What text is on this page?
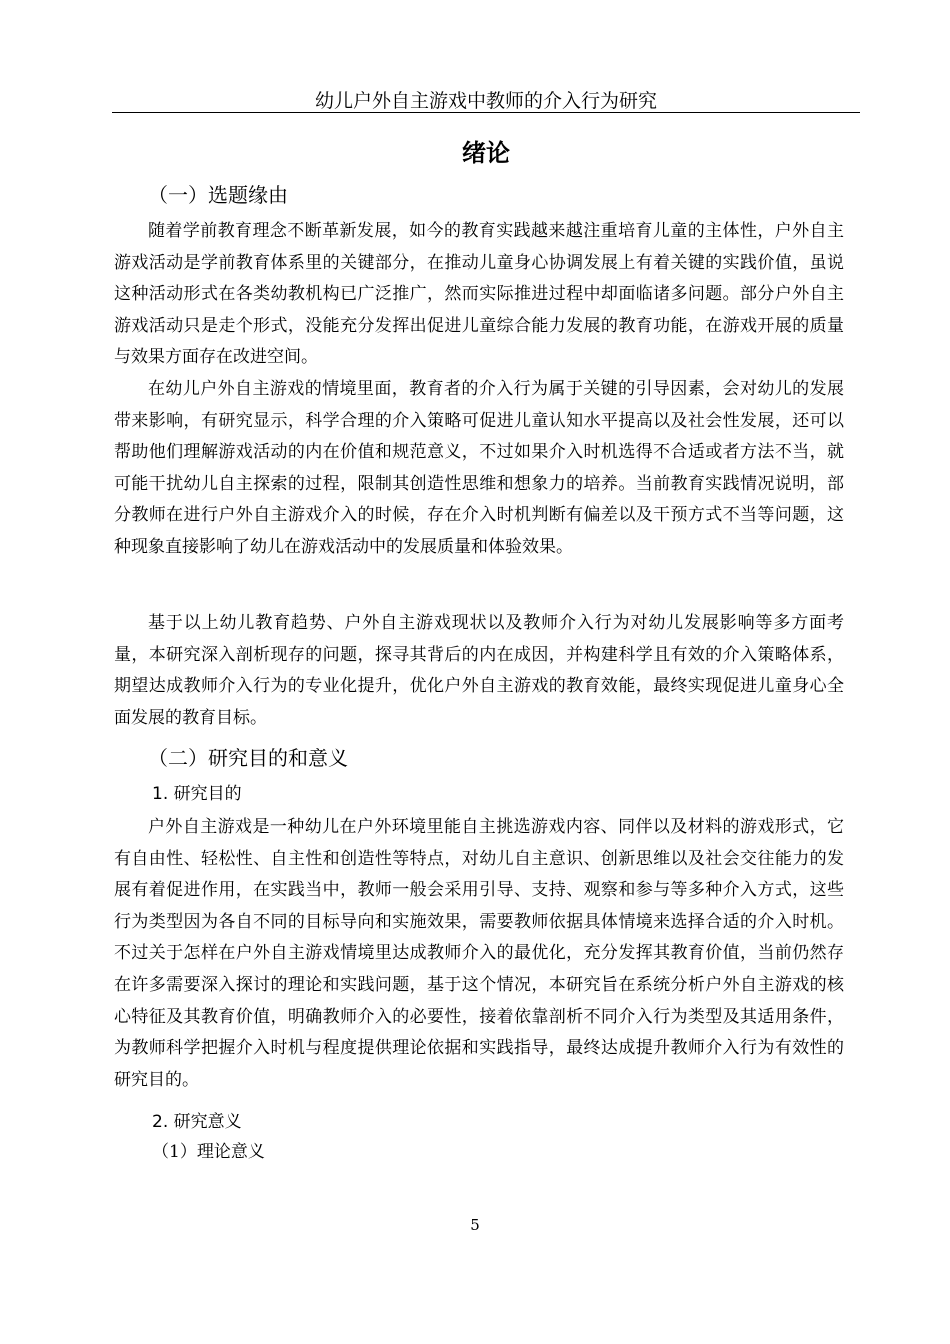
幼儿户外自主游戏中教师的介入行为研究
绪论
（一）选题缘由

随着学前教育理念不断革新发展，如今的教育实践越来越注重培育儿童的主体性，户外自主游戏活动是学前教育体系里的关键部分，在推动儿童身心协调发展上有着关键的实践价值，虽说这种活动形式在各类幼教机构已广泛推广，然而实际推进过程中却面临诸多问题。部分户外自主游戏活动只是走个形式，没能充分发挥出促进儿童综合能力发展的教育功能，在游戏开展的质量与效果方面存在改进空间。

在幼儿户外自主游戏的情境里面，教育者的介入行为属于关键的引导因素，会对幼儿的发展带来影响，有研究显示，科学合理的介入策略可促进儿童认知水平提高以及社会性发展，还可以帮助他们理解游戏活动的内在价值和规范意义，不过如果介入时机选得不合适或者方法不当，就可能干扰幼儿自主探索的过程，限制其创造性思维和想象力的培养。当前教育实践情况说明，部分教师在进行户外自主游戏介入的时候，存在介入时机判断有偏差以及干预方式不当等问题，这种现象直接影响了幼儿在游戏活动中的发展质量和体验效果。

基于以上幼儿教育趋势、户外自主游戏现状以及教师介入行为对幼儿发展影响等多方面考量，本研究深入剖析现存的问题，探寻其背后的内在成因，并构建科学且有效的介入策略体系，期望达成教师介入行为的专业化提升，优化户外自主游戏的教育效能，最终实现促进儿童身心全面发展的教育目标。

（二）研究目的和意义
1. 研究目的

户外自主游戏是一种幼儿在户外环境里能自主挑选游戏内容、同伴以及材料的游戏形式，它有自由性、轻松性、自主性和创造性等特点，对幼儿自主意识、创新思维以及社会交往能力的发展有着促进作用，在实践当中，教师一般会采用引导、支持、观察和参与等多种介入方式，这些行为类型因为各自不同的目标导向和实施效果，需要教师依据具体情境来选择合适的介入时机。不过关于怎样在户外自主游戏情境里达成教师介入的最优化，充分发挥其教育价值，当前仍然存在许多需要深入探讨的理论和实践问题，基于这个情况，本研究旨在系统分析户外自主游戏的核心特征及其教育价值，明确教师介入的必要性，接着依靠剖析不同介入行为类型及其适用条件，为教师科学把握介入时机与程度提供理论依据和实践指导，最终达成提升教师介入行为有效性的研究目的。

2. 研究意义
（1）理论意义
5
